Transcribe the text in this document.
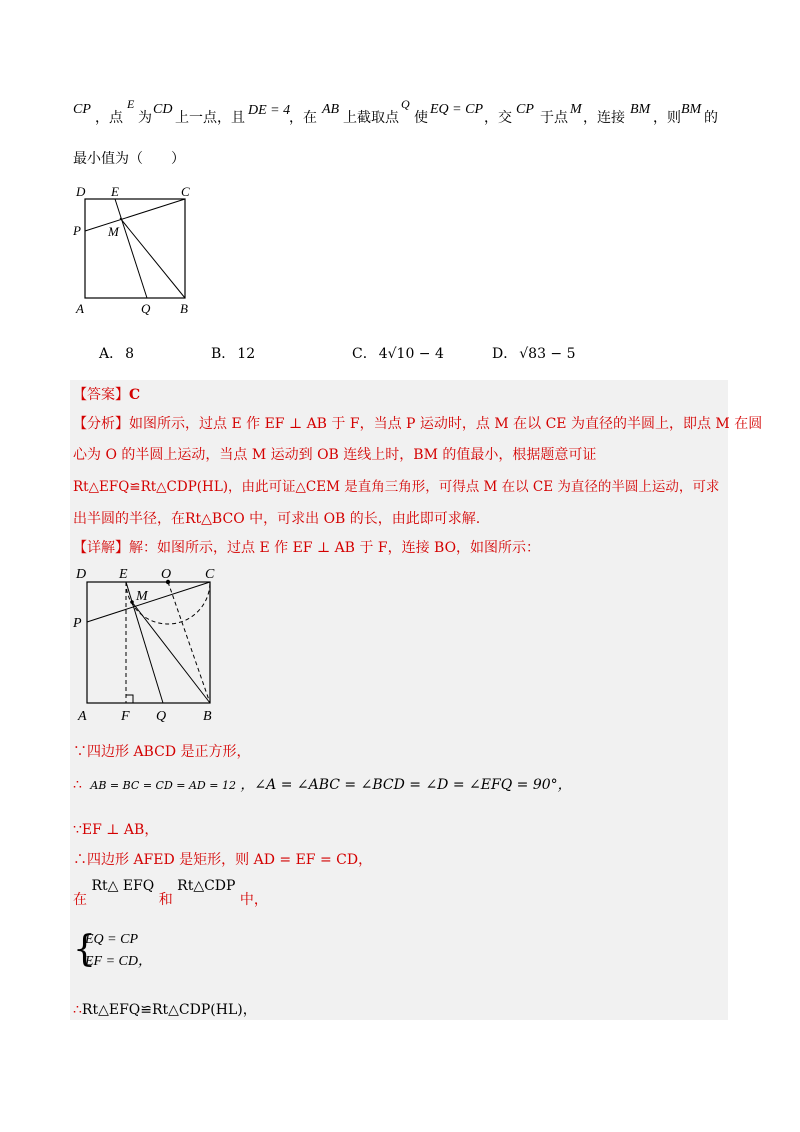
CP
，点
E
为
CD
上一点，且 DE = 4
，在
AB
上截取点
Q
使
EQ = CP
，交
CP
于点
M
，连接
BM
，则
BM
的
最小值为（　　）
D E	C
P M
A	Q B
A． 8	B． 12	C． 4√10 − 4	D． √83 − 5
【答案】C
【分析】如图所示，过点 E 作 EF ⊥ AB 于 F，当点 P 运动时，点 M 在以 CE 为直径的半圆上，即点 M 在圆
心为 O 的半圆上运动，当点 M 运动到 OB 连线上时，BM 的值最小，根据题意可证
Rt△EFQ≌Rt△CDP(HL)，由此可证△CEM 是直角三角形，可得点 M 在以 CE 为直径的半圆上运动，可求
出半圆的半径，在Rt△BCO 中，可求出 OB 的长，由此即可求解.
【详解】解：如图所示，过点 E 作 EF ⊥ AB 于 F，连接 BO，如图所示：
D E O C
M
P
A F Q	B
∵四边形 ABCD 是正方形，
∴ AB = BC = CD = AD = 12 ，∠A = ∠ABC = ∠BCD = ∠D = ∠EFQ = 90°，
∵EF ⊥ AB，
∴四边形 AFED 是矩形，则 AD = EF = CD，
在 Rt△ EFQ 和 Rt△CDP 中，
{
EQ = CP
EF = CD，
∴Rt△EFQ≌Rt△CDP(HL)，
